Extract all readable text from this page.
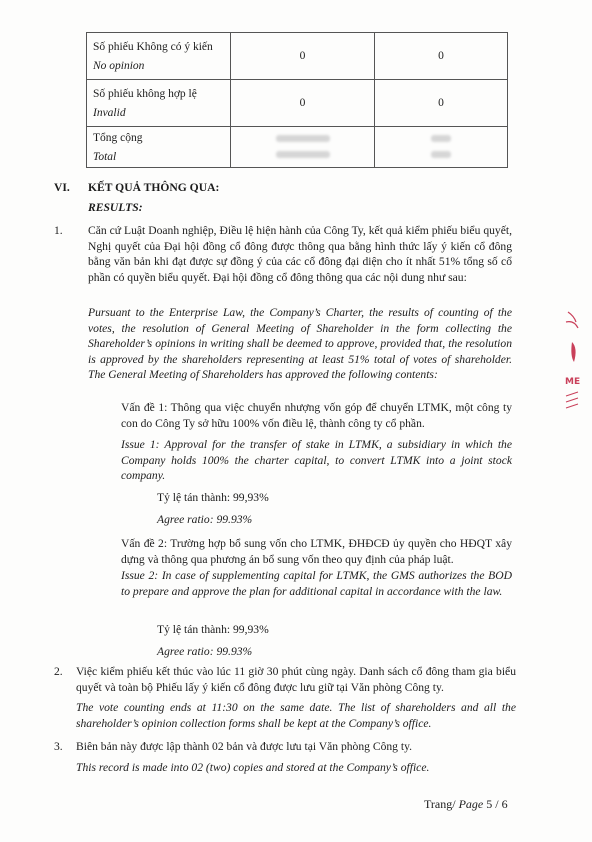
Số phiếu Không có ý kiến
No opinion	0	0

Số phiếu không hợp lệ
Invalid	0	0

Tổng cộng
Total		

VI. KẾT QUẢ THÔNG QUA:
RESULTS:
1. Căn cứ Luật Doanh nghiệp, Điều lệ hiện hành của Công Ty, kết quả kiểm phiếu biểu quyết, Nghị quyết của Đại hội đồng cổ đông được thông qua bằng hình thức lấy ý kiến cổ đông bằng văn bản khi đạt được sự đồng ý của các cổ đông đại diện cho ít nhất 51% tổng số cổ phần có quyền biểu quyết. Đại hội đồng cổ đông thông qua các nội dung như sau:
Pursuant to the Enterprise Law, the Company’s Charter, the results of counting of the votes, the resolution of General Meeting of Shareholder in the form collecting the Shareholder’s opinions in writing shall be deemed to approve, provided that, the resolution is approved by the shareholders representing at least 51% total of votes of shareholder. The General Meeting of Shareholders has approved the following contents:
Vấn đề 1: Thông qua việc chuyển nhượng vốn góp để chuyển LTMK, một công ty con do Công Ty sở hữu 100% vốn điều lệ, thành công ty cổ phần.
Issue 1: Approval for the transfer of stake in LTMK, a subsidiary in which the Company holds 100% the charter capital, to convert LTMK into a joint stock company.
Tỷ lệ tán thành: 99,93%
Agree ratio: 99.93%
Vấn đề 2: Trường hợp bổ sung vốn cho LTMK, ĐHĐCĐ ủy quyền cho HĐQT xây dựng và thông qua phương án bổ sung vốn theo quy định của pháp luật.
Issue 2: In case of supplementing capital for LTMK, the GMS authorizes the BOD to prepare and approve the plan for additional capital in accordance with the law.
Tỷ lệ tán thành: 99,93%
Agree ratio: 99.93%
2. Việc kiểm phiếu kết thúc vào lúc 11 giờ 30 phút cùng ngày. Danh sách cổ đông tham gia biểu quyết và toàn bộ Phiếu lấy ý kiến cổ đông được lưu giữ tại Văn phòng Công ty.
The vote counting ends at 11:30 on the same date. The list of shareholders and all the shareholder’s opinion collection forms shall be kept at the Company’s office.
3. Biên bản này được lập thành 02 bản và được lưu tại Văn phòng Công ty.
This record is made into 02 (two) copies and stored at the Company’s office.
Trang/ Page 5 / 6
ME
